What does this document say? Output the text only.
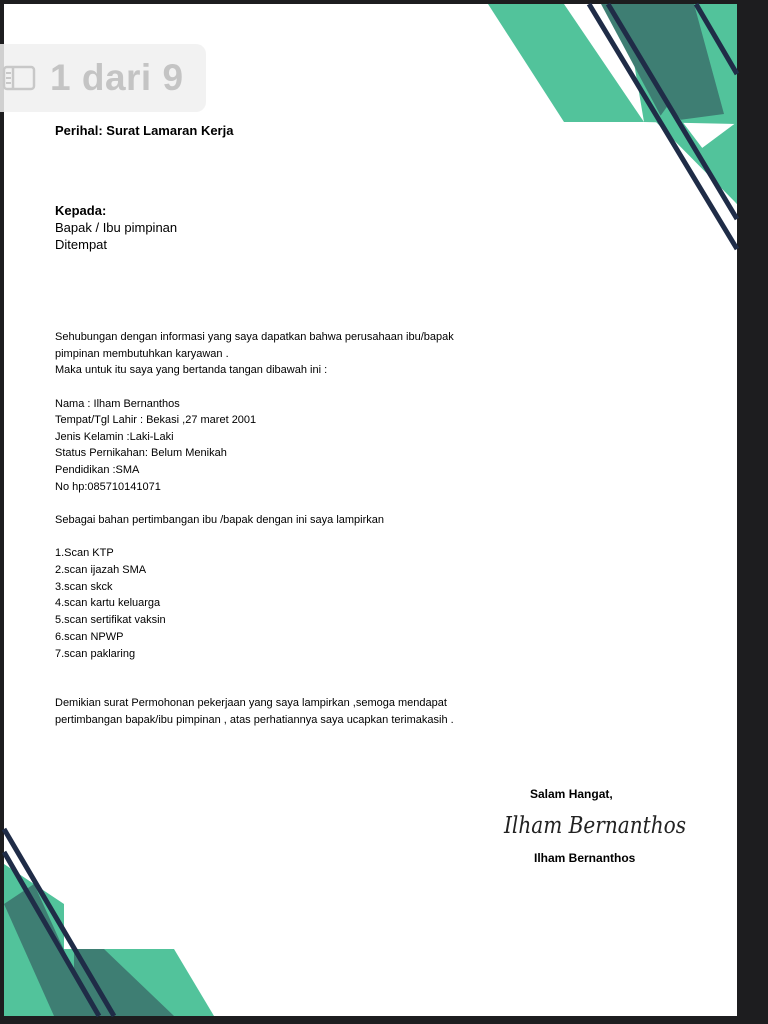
Perihal: Surat Lamaran Kerja
Kepada:
Bapak / Ibu pimpinan
Ditempat
Sehubungan dengan informasi yang saya dapatkan bahwa perusahaan ibu/bapak
pimpinan membutuhkan karyawan .
Maka untuk itu saya yang bertanda tangan dibawah ini :
Nama : Ilham Bernanthos
Tempat/Tgl Lahir : Bekasi ,27 maret 2001
Jenis Kelamin :Laki-Laki
Status Pernikahan: Belum Menikah
Pendidikan :SMA
No hp:085710141071
Sebagai bahan pertimbangan ibu /bapak dengan ini saya lampirkan
1.Scan KTP
2.scan ijazah SMA
3.scan skck
4.scan kartu keluarga
5.scan sertifikat vaksin
6.scan NPWP
7.scan paklaring
Demikian surat Permohonan pekerjaan yang saya lampirkan ,semoga mendapat
pertimbangan bapak/ibu pimpinan , atas perhatiannya saya ucapkan terimakasih .
Salam Hangat,
Ilham Bernanthos
Ilham Bernanthos
1 dari 9
